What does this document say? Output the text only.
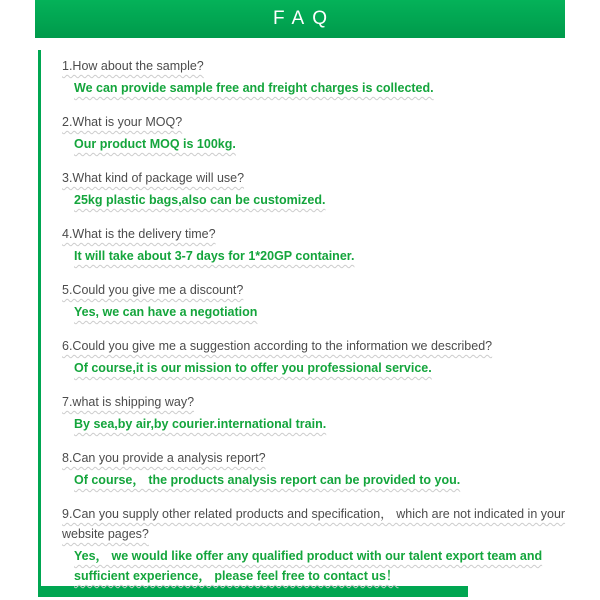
FAQ

1.How about the sample?

We can provide sample free and freight charges is collected.

2.What is your MOQ?

Our product MOQ is 100kg.

3.What kind of package will use?

25kg plastic bags,also can be customized.

4.What is the delivery time?

It will take about 3-7 days for 1*20GP container.

5.Could you give me a discount?

Yes, we can have a negotiation

6.Could you give me a suggestion according to the information we described?

Of course,it is our mission to offer you professional service.

7.what is shipping way?

By sea,by air,by courier.international train.

8.Can you provide a analysis report?

Of course， the products analysis report can be provided to you.

9.Can you supply other related products and specification， which are not indicated in your website pages?

Yes， we would like offer any qualified product with our talent export team and sufficient experience， please feel free to contact us！
